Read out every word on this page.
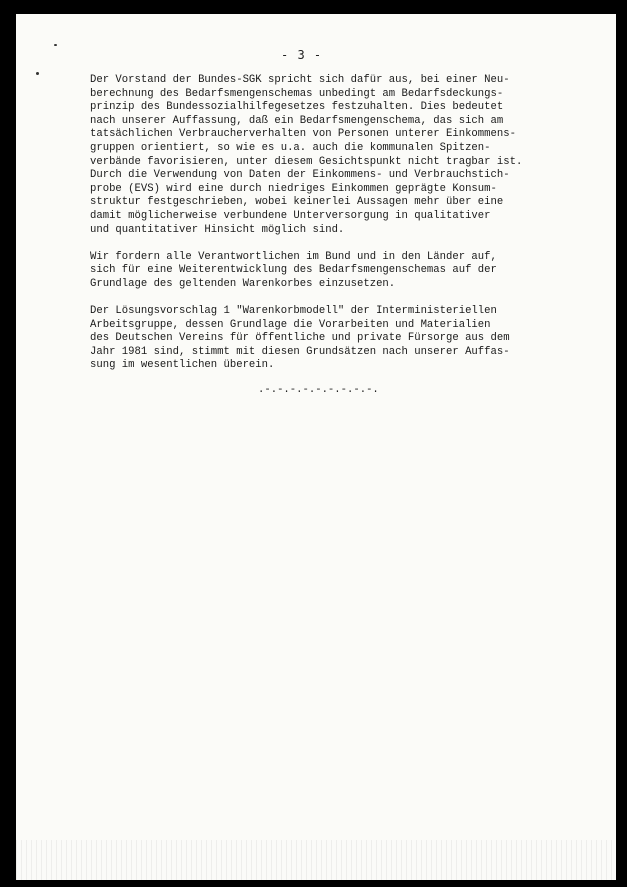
- 3 -

Der Vorstand der Bundes-SGK spricht sich dafür aus, bei einer Neu-
berechnung des Bedarfsmengenschemas unbedingt am Bedarfsdeckungs-
prinzip des Bundessozialhilfegesetzes festzuhalten. Dies bedeutet
nach unserer Auffassung, daß ein Bedarfsmengenschema, das sich am
tatsächlichen Verbraucherverhalten von Personen unterer Einkommens-
gruppen orientiert, so wie es u.a. auch die kommunalen Spitzen-
verbände favorisieren, unter diesem Gesichtspunkt nicht tragbar ist.
Durch die Verwendung von Daten der Einkommens- und Verbrauchstich-
probe (EVS) wird eine durch niedriges Einkommen geprägte Konsum-
struktur festgeschrieben, wobei keinerlei Aussagen mehr über eine
damit möglicherweise verbundene Unterversorgung in qualitativer
und quantitativer Hinsicht möglich sind.

Wir fordern alle Verantwortlichen im Bund und in den Länder auf,
sich für eine Weiterentwicklung des Bedarfsmengenschemas auf der
Grundlage des geltenden Warenkorbes einzusetzen.

Der Lösungsvorschlag 1 "Warenkorbmodell" der Interministeriellen
Arbeitsgruppe, dessen Grundlage die Vorarbeiten und Materialien
des Deutschen Vereins für öffentliche und private Fürsorge aus dem
Jahr 1981 sind, stimmt mit diesen Grundsätzen nach unserer Auffas-
sung im wesentlichen überein.

.-.-.-.-.-.-.-.-.-.
